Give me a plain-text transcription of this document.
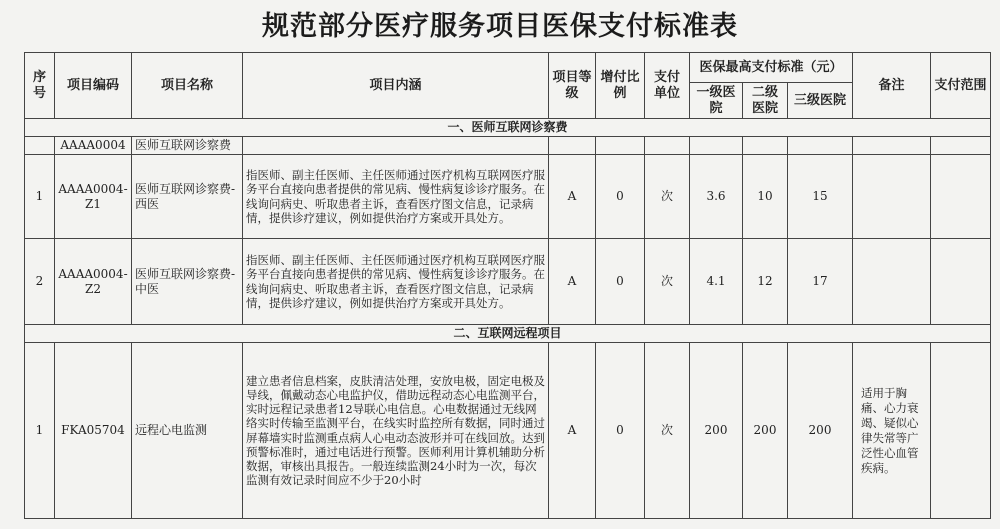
规范部分医疗服务项目医保支付标准表
序号	项目编码	项目名称	项目内涵	项目等级	增付比例	支付单位	医保最高支付标准（元）			备注	支付范围
							一级医院	二级医院	三级医院		
一、医师互联网诊察费											
	AAAA0004	医师互联网诊察费									
1	AAAA0004-Z1	医师互联网诊察费-西医	指医师、副主任医师、主任医师通过医疗机构互联网医疗服务平台直接向患者提供的常见病、慢性病复诊诊疗服务。在线询问病史、听取患者主诉，查看医疗图文信息，记录病情，提供诊疗建议，例如提供治疗方案或开具处方。	A	0	次	3.6	10	15		
2	AAAA0004-Z2	医师互联网诊察费-中医	指医师、副主任医师、主任医师通过医疗机构互联网医疗服务平台直接向患者提供的常见病、慢性病复诊诊疗服务。在线询问病史、听取患者主诉，查看医疗图文信息，记录病情，提供诊疗建议，例如提供治疗方案或开具处方。	A	0	次	4.1	12	17		
二、互联网远程项目											
1	FKA05704	远程心电监测	建立患者信息档案，皮肤清洁处理，安放电极，固定电极及导线，佩戴动态心电监护仪，借助远程动态心电监测平台，实时远程记录患者12导联心电信息。心电数据通过无线网络实时传输至监测平台，在线实时监控所有数据，同时通过屏幕墙实时监测重点病人心电动态波形并可在线回放。达到预警标准时，通过电话进行预警。医师利用计算机辅助分析数据，审核出具报告。一般连续监测24小时为一次，每次监测有效记录时间应不少于20小时	A	0	次	200	200	200	适用于胸痛、心力衰竭、疑似心律失常等广泛性心血管疾病。	
